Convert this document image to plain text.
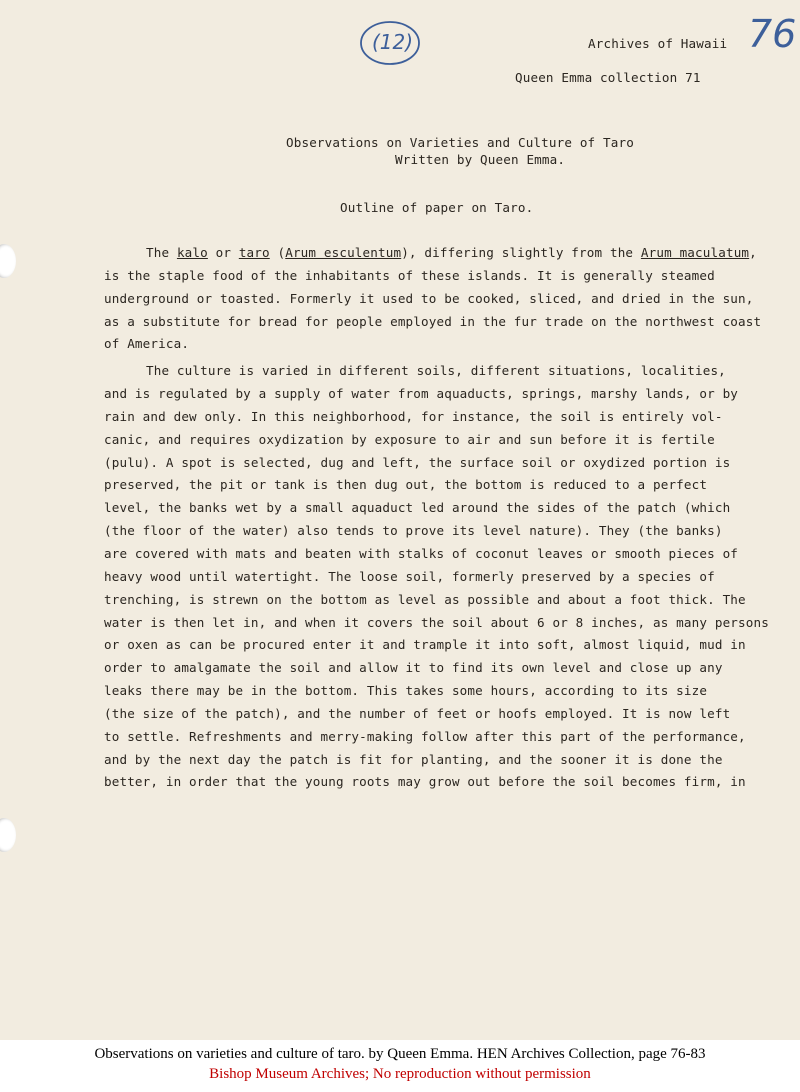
(12)	76
Archives of Hawaii
Queen Emma collection 71
Observations on Varieties and Culture of Taro
Written by Queen Emma.
Outline of paper on Taro.
The kalo or taro (Arum esculentum), differing slightly from the Arum maculatum,
is the staple food of the inhabitants of these islands. It is generally steamed
underground or toasted. Formerly it used to be cooked, sliced, and dried in the sun,
as a substitute for bread for people employed in the fur trade on the northwest coast
of America.
The culture is varied in different soils, different situations, localities,
and is regulated by a supply of water from aquaducts, springs, marshy lands, or by
rain and dew only. In this neighborhood, for instance, the soil is entirely vol-
canic, and requires oxydization by exposure to air and sun before it is fertile
(pulu). A spot is selected, dug and left, the surface soil or oxydized portion is
preserved, the pit or tank is then dug out, the bottom is reduced to a perfect
level, the banks wet by a small aquaduct led around the sides of the patch (which
(the floor of the water) also tends to prove its level nature). They (the banks)
are covered with mats and beaten with stalks of coconut leaves or smooth pieces of
heavy wood until watertight. The loose soil, formerly preserved by a species of
trenching, is strewn on the bottom as level as possible and about a foot thick. The
water is then let in, and when it covers the soil about 6 or 8 inches, as many persons
or oxen as can be procured enter it and trample it into soft, almost liquid, mud in
order to amalgamate the soil and allow it to find its own level and close up any
leaks there may be in the bottom. This takes some hours, according to its size
(the size of the patch), and the number of feet or hoofs employed. It is now left
to settle. Refreshments and merry-making follow after this part of the performance,
and by the next day the patch is fit for planting, and the sooner it is done the
better, in order that the young roots may grow out before the soil becomes firm, in
Observations on varieties and culture of taro. by Queen Emma. HEN Archives Collection, page 76-83
Bishop Museum Archives; No reproduction without permission
